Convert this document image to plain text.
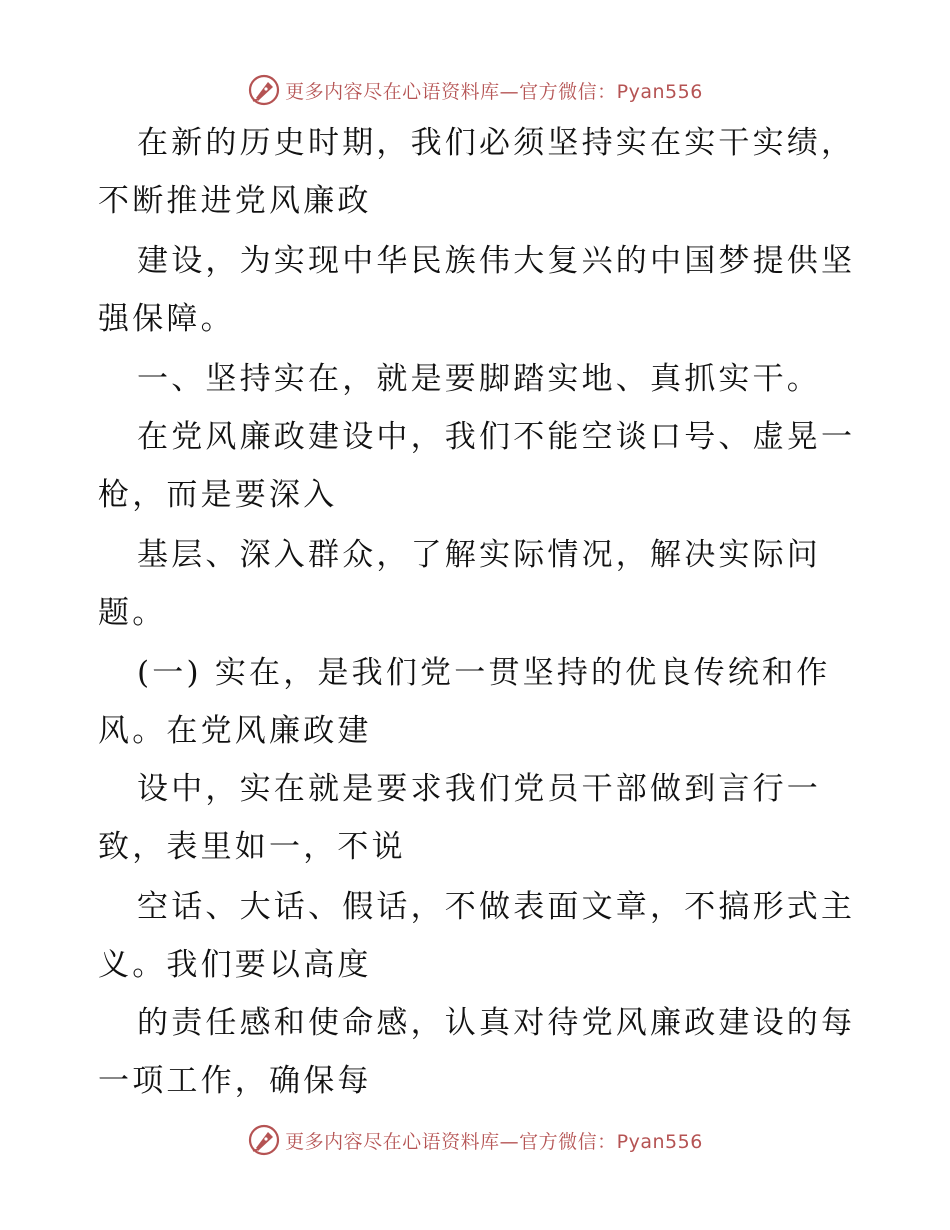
更多内容尽在心语资料库—官方微信：Pyan556
在新的历史时期，我们必须坚持实在实干实绩，
不断推进党风廉政
建设，为实现中华民族伟大复兴的中国梦提供坚
强保障。
一、坚持实在，就是要脚踏实地、真抓实干。
在党风廉政建设中，我们不能空谈口号、虚晃一
枪，而是要深入
基层、深入群众，了解实际情况，解决实际问
题。
(一) 实在，是我们党一贯坚持的优良传统和作
风。在党风廉政建
设中，实在就是要求我们党员干部做到言行一
致，表里如一，不说
空话、大话、假话，不做表面文章，不搞形式主
义。我们要以高度
的责任感和使命感，认真对待党风廉政建设的每
一项工作，确保每
更多内容尽在心语资料库—官方微信：Pyan556
